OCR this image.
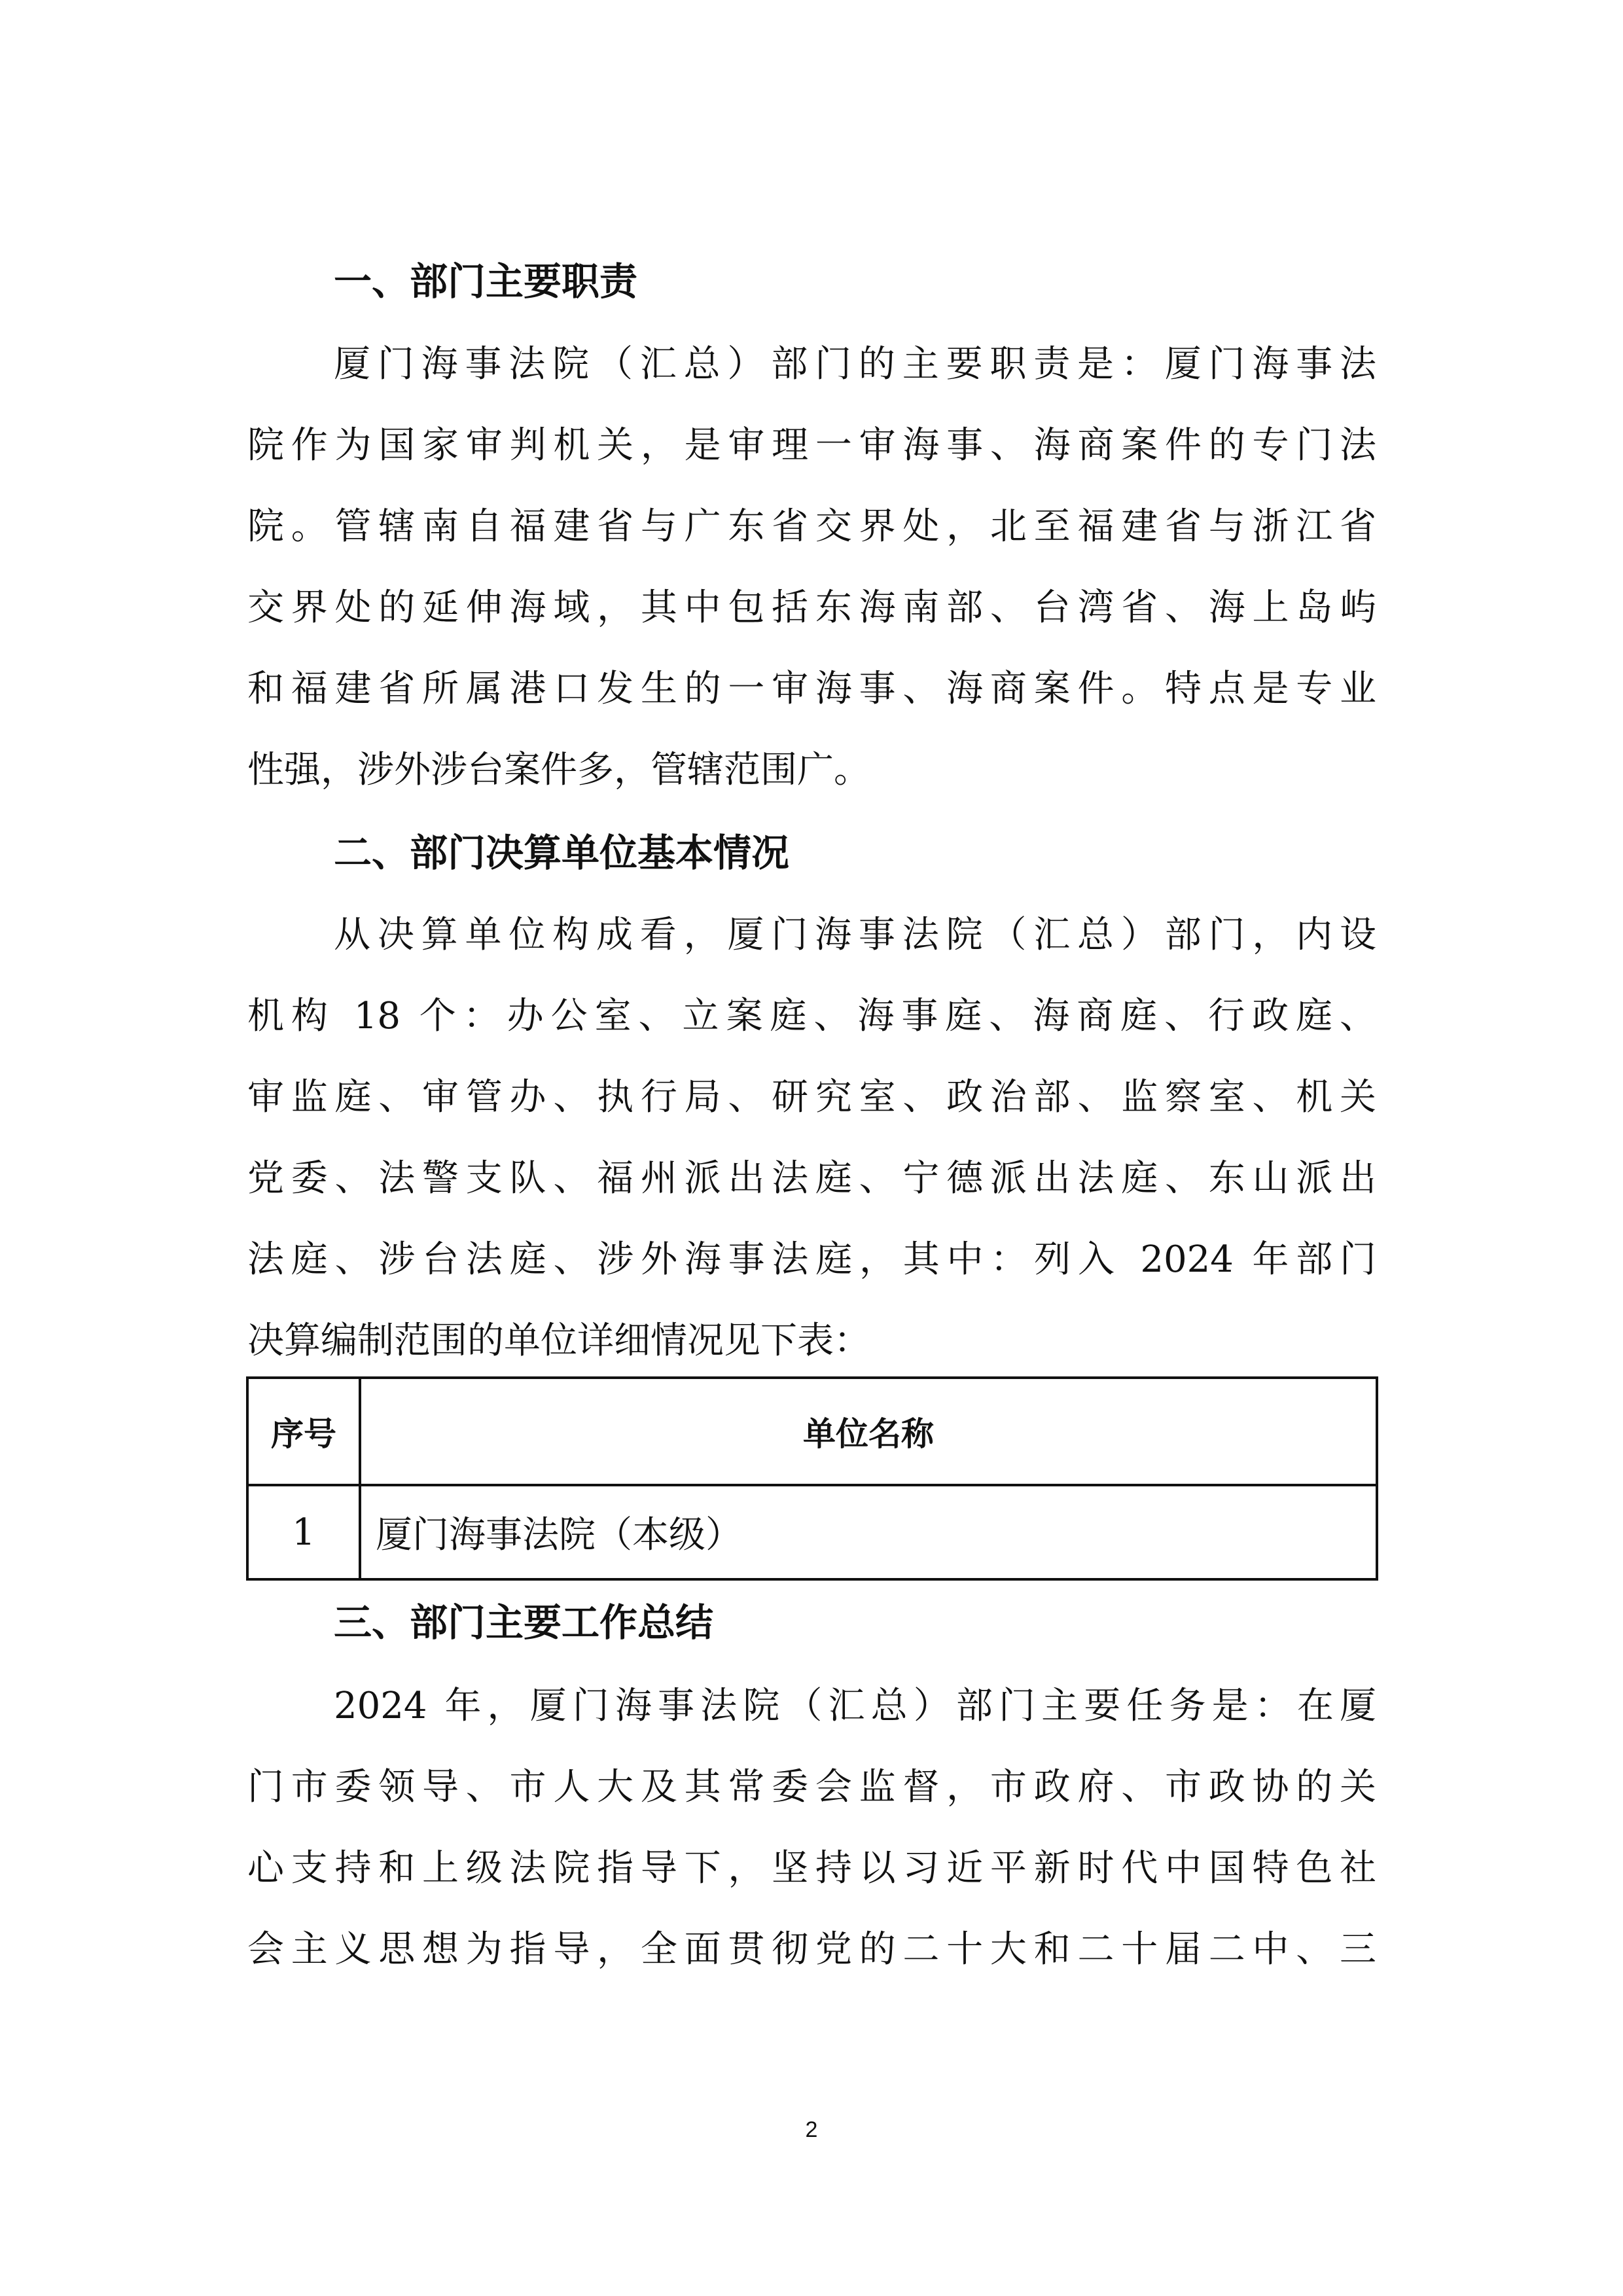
一、部门主要职责
厦门海事法院（汇总）部门的主要职责是：厦门海事法
院作为国家审判机关，是审理一审海事、海商案件的专门法
院。管辖南自福建省与广东省交界处，北至福建省与浙江省
交界处的延伸海域，其中包括东海南部、台湾省、海上岛屿
和福建省所属港口发生的一审海事、海商案件。特点是专业
性强，涉外涉台案件多，管辖范围广。
二、部门决算单位基本情况
从决算单位构成看，厦门海事法院（汇总）部门，内设
机构 18 个：办公室、立案庭、海事庭、海商庭、行政庭、
审监庭、审管办、执行局、研究室、政治部、监察室、机关
党委、法警支队、福州派出法庭、宁德派出法庭、东山派出
法庭、涉台法庭、涉外海事法庭，其中：列入 2024 年部门
决算编制范围的单位详细情况见下表：
序号	单位名称
1	厦门海事法院（本级）
三、部门主要工作总结
2024 年，厦门海事法院（汇总）部门主要任务是：在厦
门市委领导、市人大及其常委会监督，市政府、市政协的关
心支持和上级法院指导下，坚持以习近平新时代中国特色社
会主义思想为指导，全面贯彻党的二十大和二十届二中、三
2
